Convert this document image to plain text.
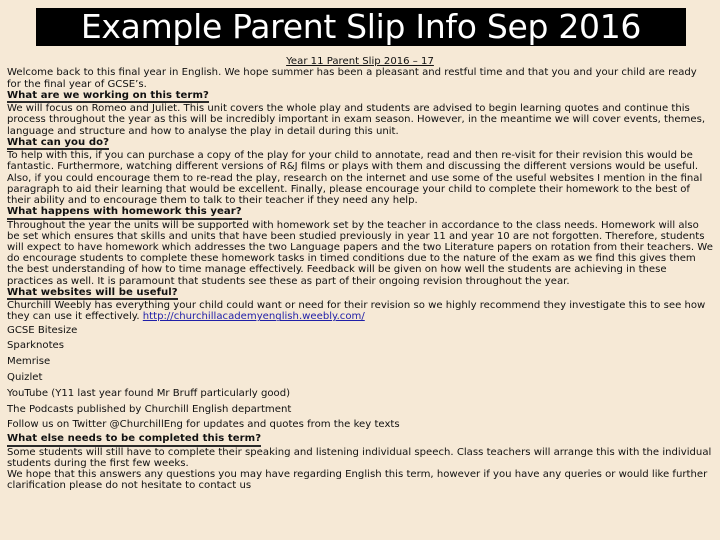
Example Parent Slip Info Sep 2016

Year 11 Parent Slip 2016 – 17

Welcome back to this final year in English. We hope summer has been a pleasant and restful time and that you and your child are ready for the final year of GCSE’s.

What are we working on this term?

We will focus on Romeo and Juliet. This unit covers the whole play and students are advised to begin learning quotes and continue this process throughout the year as this will be incredibly important in exam season. However, in the meantime we will cover events, themes, language and structure and how to analyse the play in detail during this unit.

What can you do?

To help with this, if you can purchase a copy of the play for your child to annotate, read and then re-visit for their revision this would be fantastic. Furthermore, watching different versions of R&J films or plays with them and discussing the different versions would be useful. Also, if you could encourage them to re-read the play, research on the internet and use some of the useful websites I mention in the final paragraph to aid their learning that would be excellent. Finally, please encourage your child to complete their homework to the best of their ability and to encourage them to talk to their teacher if they need any help.

What happens with homework this year?

Throughout the year the units will be supported with homework set by the teacher in accordance to the class needs. Homework will also be set which ensures that skills and units that have been studied previously in year 11 and year 10 are not forgotten. Therefore, students will expect to have homework which addresses the two Language papers and the two Literature papers on rotation from their teachers. We do encourage students to complete these homework tasks in timed conditions due to the nature of the exam as we find this gives them the best understanding of how to time manage effectively. Feedback will be given on how well the students are achieving in these practices as well. It is paramount that students see these as part of their ongoing revision throughout the year.

What websites will be useful?

Churchill Weebly has everything your child could want or need for their revision so we highly recommend they investigate this to see how they can use it effectively. http://churchillacademyenglish.weebly.com/

GCSE Bitesize
Sparknotes
Memrise
Quizlet
YouTube (Y11 last year found Mr Bruff particularly good)
The Podcasts published by Churchill English department
Follow us on Twitter @ChurchillEng for updates and quotes from the key texts
What else needs to be completed this term?

Some students will still have to complete their speaking and listening individual speech. Class teachers will arrange this with the individual students during the first few weeks.

We hope that this answers any questions you may have regarding English this term, however if you have any queries or would like further clarification please do not hesitate to contact us
